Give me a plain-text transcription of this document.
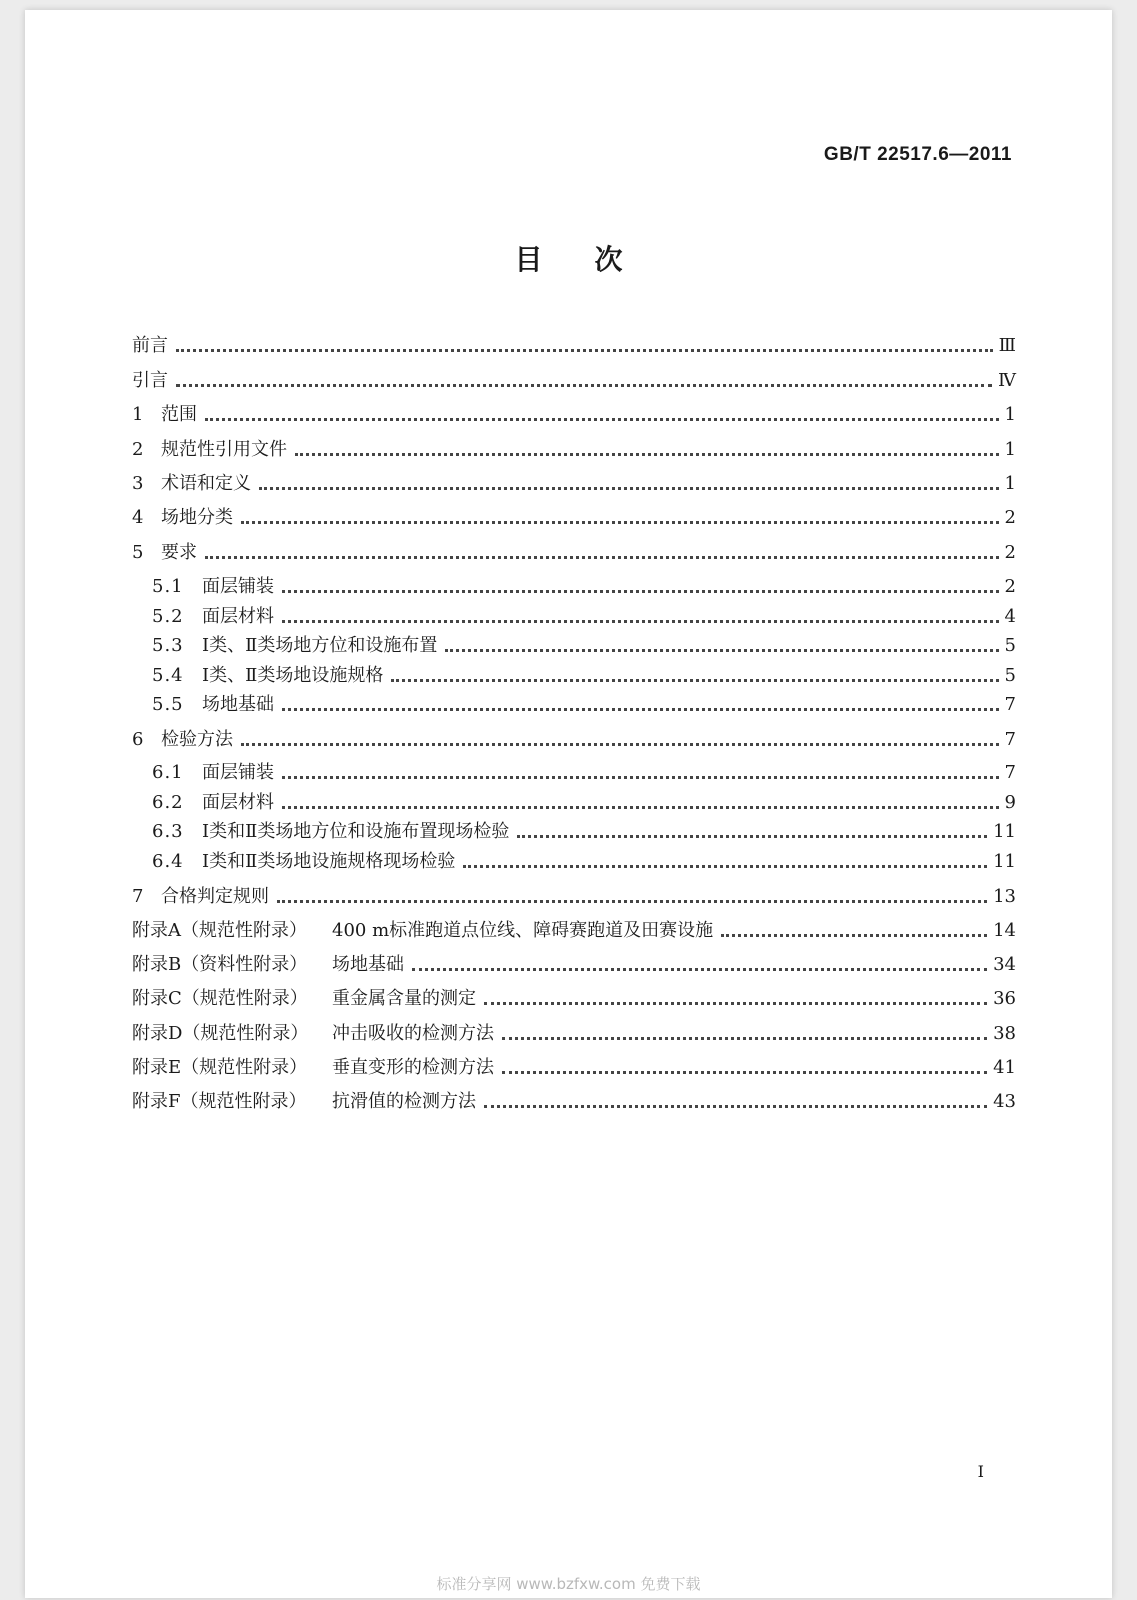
GB/T 22517.6—2011
目次
前言	Ⅲ
引言	Ⅳ
1 范围	1
2 规范性引用文件	1
3 术语和定义	1
4 场地分类	2
5 要求	2
5.1	面层铺装	2
5.2	面层材料	4
5.3	Ⅰ类、Ⅱ类场地方位和设施布置	5
5.4	Ⅰ类、Ⅱ类场地设施规格	5
5.5	场地基础	7
6 检验方法	7
6.1	面层铺装	7
6.2	面层材料	9
6.3	Ⅰ类和Ⅱ类场地方位和设施布置现场检验	11
6.4	Ⅰ类和Ⅱ类场地设施规格现场检验	11
7 合格判定规则	13
附录A（规范性附录）	400 m标准跑道点位线、障碍赛跑道及田赛设施	14
附录B（资料性附录）	场地基础	34
附录C（规范性附录）	重金属含量的测定	36
附录D（规范性附录）	冲击吸收的检测方法	38
附录E（规范性附录）	垂直变形的检测方法	41
附录F（规范性附录）	抗滑值的检测方法	43
I
标准分享网 www.bzfxw.com 免费下载
